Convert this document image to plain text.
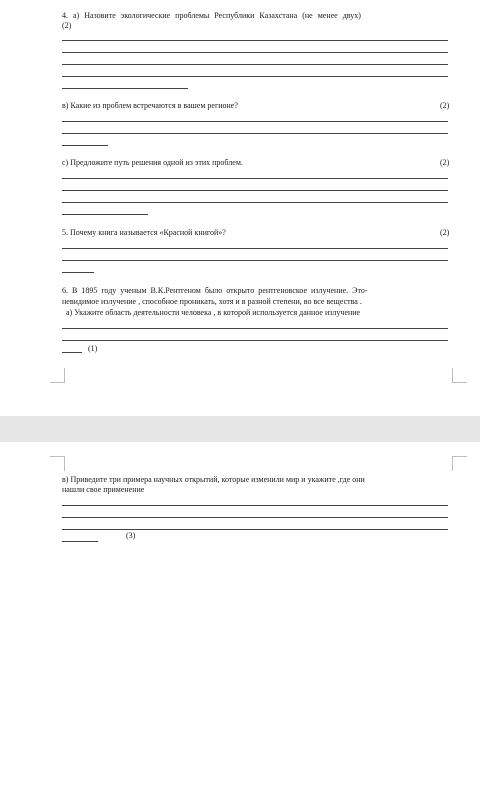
4. а) Назовите экологические проблемы Республики Казахстана (не менее двух)
(2)
в) Какие из проблем встречаются в вашем регионе?	(2)
с) Предложите путь решения одной из этих проблем.	(2)
5. Почему книга называется «Красной книгой»?	(2)
6. В 1895 году ученым В.К.Рентгеном было открыто рентгеновское излучение. Это-
невидимое излучение , способное проникать, хотя и в разной степени, во все вещества .
а) Укажите область деятельности человека , в которой используется данное излучение
(1)
в) Приведите три примера научных открытий, которые изменили мир и укажите ,где они
нашли свое применение
(3)
